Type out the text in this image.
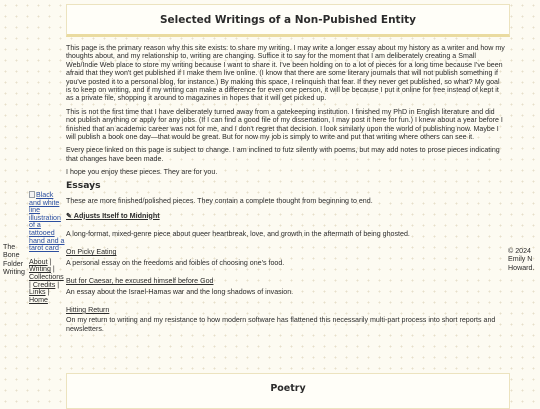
Selected Writings of a Non-Pubished Entity

This page is the primary reason why this site exists: to share my writing. I may write a longer essay about my history as a writer and how my thoughts about, and my relationship to, writing are changing. Suffice it to say for the moment that I am deliberately creating a Small Web/Indie Web place to store my writing because I want to share it. I've been holding on to a lot of pieces for a long time because I've been afraid that they won't get published if I make them live online. (I know that there are some literary journals that will not publish something if you've posted it to a personal blog, for instance.) By making this space, I relinquish that fear. If they never get published, so what? My goal is to keep on writing, and if my writing can make a difference for even one person, it will be because I put it online for free instead of kept it as a private file, shopping it around to magazines in hopes that it will get picked up.

This is not the first time that I have deliberately turned away from a gatekeeping institution. I finished my PhD in English literature and did not publish anything or apply for any jobs. (If I can find a good file of my dissertation, I may post it here for fun.) I knew about a year before I finished that an academic career was not for me, and I don't regret that decision. I look similarly upon the world of publishing now. Maybe I will publish a book one day—that would be great. But for now my job is simply to write and put that writing where others can see it.

Every piece linked on this page is subject to change. I am inclined to futz silently with poems, but may add notes to prose pieces indicating that changes have been made.

I hope you enjoy these pieces. They are for you.

Essays

These are more finished/polished pieces. They contain a complete thought from beginning to end.

✎ Adjusts Itself to Midnight

A long-format, mixed-genre piece about queer heartbreak, love, and growth in the aftermath of being ghosted.

On Picky Eating

A personal essay on the freedoms and foibles of choosing one's food.

But for Caesar, he excused himself before God

An essay about the Israel-Hamas war and the long shadows of invasion.

Hitting Return

On my return to writing and my resistance to how modern software has flattened this necessarily multi-part process into short reports and newsletters.

The Bone Folder Writing
Black and white line illustration of a tattooed hand and a tarot card
About | Writing | Collections | Credits | Links | Home
© 2024 Emily N Howard.
Poetry
